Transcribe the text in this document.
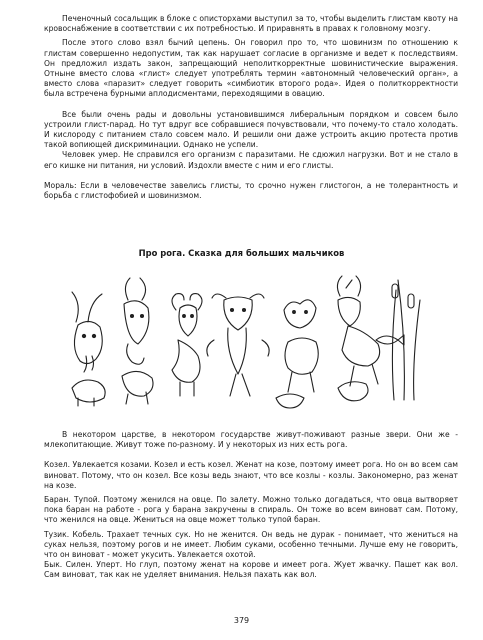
Печеночный сосальщик в блоке с описторхами выступил за то, чтобы выделить глистам квоту на кровоснабжение в соответствии с их потребностью. И приравнять в правах к головному мозгу.

После этого слово взял бычий цепень. Он говорил про то, что шовинизм по отношению к глистам совершенно недопустим, так как нарушает согласие в организме и ведет к последствиям. Он предложил издать закон, запрещающий неполиткорректные шовинистические выражения. Отныне вместо слова «глист» следует употреблять термин «автономный человеческий орган», а вместо слова «паразит» следует говорить «симбиотик второго рода». Идея о политкорректности была встречена бурными аплодисментами, переходящими в овацию.

Все были очень рады и довольны установившимся либеральным порядком и совсем было устроили глист-парад. Но тут вдруг все собравшиеся почувствовали, что почему-то стало холодать. И кислороду с питанием стало совсем мало. И решили они даже устроить акцию протеста против такой вопиющей дискриминации. Однако не успели.

Человек умер. Не справился его организм с паразитами. Не сдюжил нагрузки. Вот и не стало в его кишке ни питания, ни условий. Издохли вместе с ним и его глисты.

Мораль: Если в человечестве завелись глисты, то срочно нужен глистогон, а не толерантность и борьба с глистофобией и шовинизмом.

Про рога. Сказка для больших мальчиков

В некотором царстве, в некотором государстве живут-поживают разные звери. Они же - млекопитающие. Живут тоже по-разному. И у некоторых из них есть рога.

Козел. Увлекается козами. Козел и есть козел. Женат на козе, поэтому имеет рога. Но он во всем сам виноват. Потому, что он козел. Все козы ведь знают, что все козлы - козлы. Закономерно, раз женат на козе.

Баран. Тупой. Поэтому женился на овце. По залету. Можно только догадаться, что овца вытворяет пока баран на работе - рога у барана закручены в спираль. Он тоже во всем виноват сам. Потому, что женился на овце. Жениться на овце может только тупой баран.

Тузик. Кобель. Трахает течных сук. Но не женится. Он ведь не дурак - понимает, что жениться на суках нельзя, поэтому рогов и не имеет. Любим суками, особенно течными. Лучше ему не говорить, что он виноват - может укусить. Увлекается охотой.

Бык. Силен. Уперт. Но глуп, поэтому женат на корове и имеет рога. Жует жвачку. Пашет как вол. Сам виноват, так как не уделяет внимания. Нельзя пахать как вол.

379
